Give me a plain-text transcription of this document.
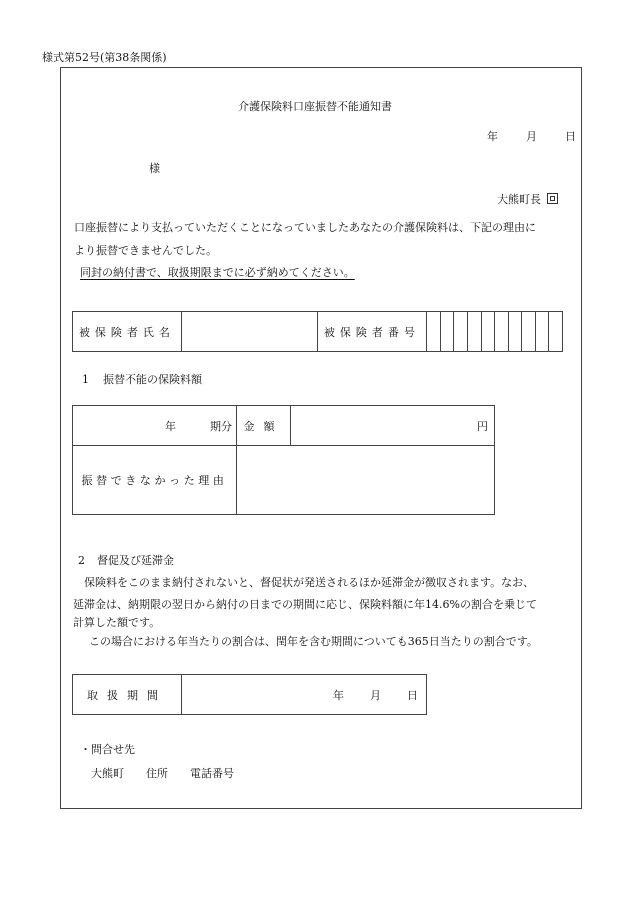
様式第52号(第38条関係)
介護保険料口座振替不能通知書
年	月	日
様
大熊町長
口座振替により支払っていただくことになっていましたあなたの介護保険料は、下記の理由に
より振替できませんでした。
同封の納付書で、取扱期限までに必ず納めてください。
被保険者氏名		被保険者番号										
1 振替不能の保険料額
年 期分	金額	円
振替できなかった理由		
2 督促及び延滞金
保険料をこのまま納付されないと、督促状が発送されるほか延滞金が徴収されます。なお、
延滞金は、納期限の翌日から納付の日までの期間に応じ、保険料額に年14.6%の割合を乗じて
計算した額です。
この場合における年当たりの割合は、閏年を含む期間についても365日当たりの割合です。
取扱期間	年 月 日
・問合せ先
大熊町 住所 電話番号
